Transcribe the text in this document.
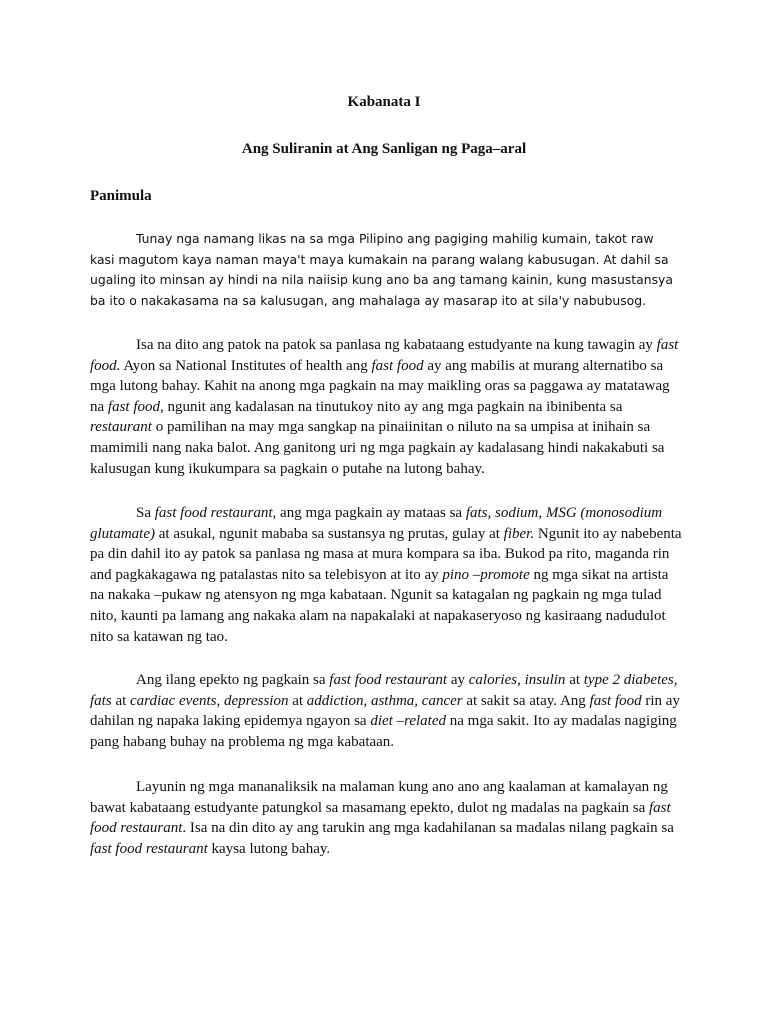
Kabanata I
Ang Suliranin at Ang Sanligan ng Paga–aral
Panimula

Tunay nga namang likas na sa mga Pilipino ang pagiging mahilig kumain, takot raw kasi magutom kaya naman maya't maya kumakain na parang walang kabusugan. At dahil sa ugaling ito minsan ay hindi na nila naiisip kung ano ba ang tamang kainin, kung masustansya ba ito o nakakasama na sa kalusugan, ang mahalaga ay masarap ito at sila'y nabubusog.

Isa na dito ang patok na patok sa panlasa ng kabataang estudyante na kung tawagin ay fast food. Ayon sa National Institutes of health ang fast food ay ang mabilis at murang alternatibo sa mga lutong bahay. Kahit na anong mga pagkain na may maikling oras sa paggawa ay matatawag na fast food, ngunit ang kadalasan na tinutukoy nito ay ang mga pagkain na ibinibenta sa restaurant o pamilihan na may mga sangkap na pinaiinitan o niluto na sa umpisa at inihain sa mamimili nang naka balot. Ang ganitong uri ng mga pagkain ay kadalasang hindi nakakabuti sa kalusugan kung ikukumpara sa pagkain o putahe na lutong bahay.

Sa fast food restaurant, ang mga pagkain ay mataas sa fats, sodium, MSG (monosodium glutamate) at asukal, ngunit mababa sa sustansya ng prutas, gulay at fiber. Ngunit ito ay nabebenta pa din dahil ito ay patok sa panlasa ng masa at mura kompara sa iba. Bukod pa rito, maganda rin and pagkakagawa ng patalastas nito sa telebisyon at ito ay pino –promote ng mga sikat na artista na nakaka –pukaw ng atensyon ng mga kabataan. Ngunit sa katagalan ng pagkain ng mga tulad nito, kaunti pa lamang ang nakaka alam na napakalaki at napakaseryoso ng kasiraang nadudulot nito sa katawan ng tao.

Ang ilang epekto ng pagkain sa fast food restaurant ay calories, insulin at type 2 diabetes, fats at cardiac events, depression at addiction, asthma, cancer at sakit sa atay. Ang fast food rin ay dahilan ng napaka laking epidemya ngayon sa diet –related na mga sakit. Ito ay madalas nagiging pang habang buhay na problema ng mga kabataan.

Layunin ng mga mananaliksik na malaman kung ano ano ang kaalaman at kamalayan ng bawat kabataang estudyante patungkol sa masamang epekto, dulot ng madalas na pagkain sa fast food restaurant. Isa na din dito ay ang tarukin ang mga kadahilanan sa madalas nilang pagkain sa fast food restaurant kaysa lutong bahay.
